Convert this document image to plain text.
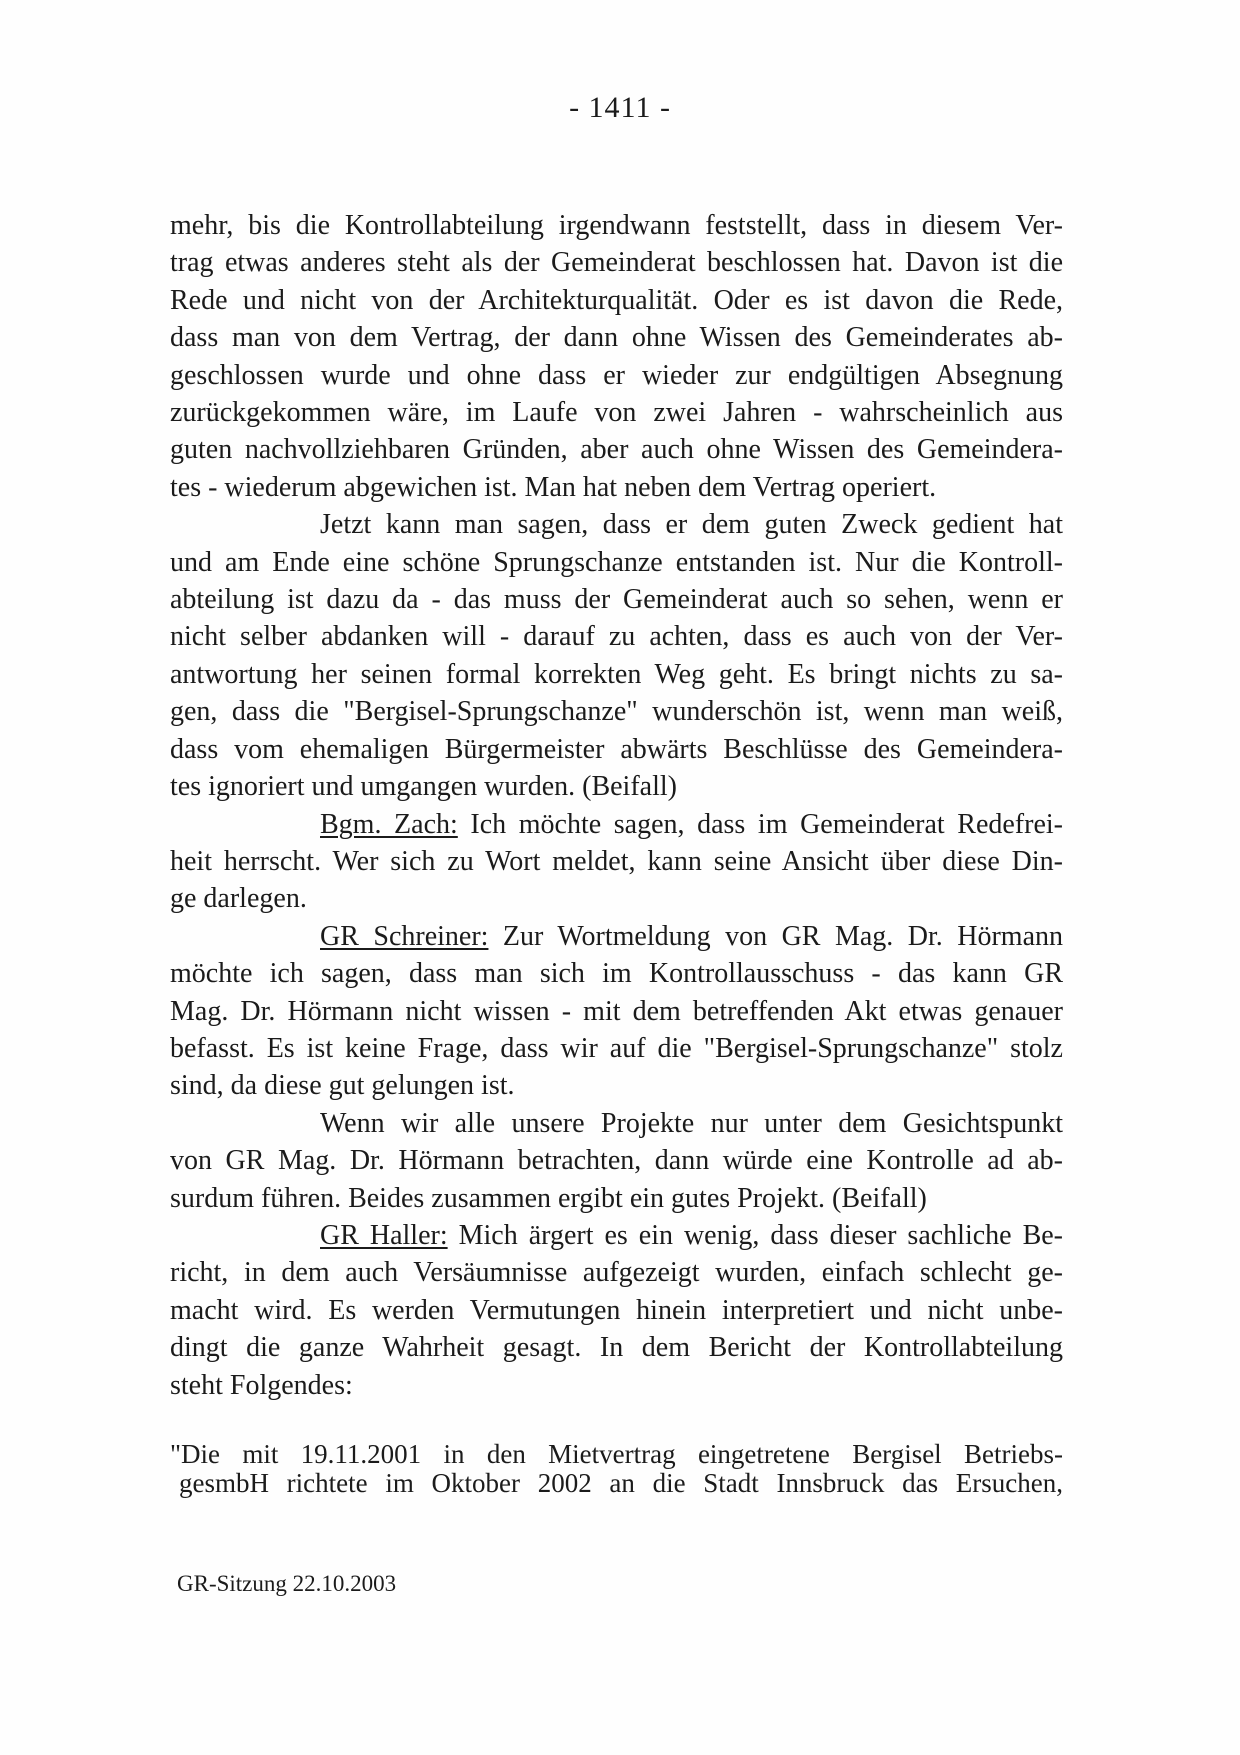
- 1411 -
mehr, bis die Kontrollabteilung irgendwann feststellt, dass in diesem Ver-
trag etwas anderes steht als der Gemeinderat beschlossen hat. Davon ist die
Rede und nicht von der Architekturqualität. Oder es ist davon die Rede,
dass man von dem Vertrag, der dann ohne Wissen des Gemeinderates ab-
geschlossen wurde und ohne dass er wieder zur endgültigen Absegnung
zurückgekommen wäre, im Laufe von zwei Jahren - wahrscheinlich aus
guten nachvollziehbaren Gründen, aber auch ohne Wissen des Gemeindera-
tes - wiederum abgewichen ist. Man hat neben dem Vertrag operiert.
Jetzt kann man sagen, dass er dem guten Zweck gedient hat
und am Ende eine schöne Sprungschanze entstanden ist. Nur die Kontroll-
abteilung ist dazu da - das muss der Gemeinderat auch so sehen, wenn er
nicht selber abdanken will - darauf zu achten, dass es auch von der Ver-
antwortung her seinen formal korrekten Weg geht. Es bringt nichts zu sa-
gen, dass die "Bergisel-Sprungschanze" wunderschön ist, wenn man weiß,
dass vom ehemaligen Bürgermeister abwärts Beschlüsse des Gemeindera-
tes ignoriert und umgangen wurden. (Beifall)
Bgm. Zach: Ich möchte sagen, dass im Gemeinderat Redefrei-
heit herrscht. Wer sich zu Wort meldet, kann seine Ansicht über diese Din-
ge darlegen.
GR Schreiner: Zur Wortmeldung von GR Mag. Dr. Hörmann
möchte ich sagen, dass man sich im Kontrollausschuss - das kann GR
Mag. Dr. Hörmann nicht wissen - mit dem betreffenden Akt etwas genauer
befasst. Es ist keine Frage, dass wir auf die "Bergisel-Sprungschanze" stolz
sind, da diese gut gelungen ist.
Wenn wir alle unsere Projekte nur unter dem Gesichtspunkt
von GR Mag. Dr. Hörmann betrachten, dann würde eine Kontrolle ad ab-
surdum führen. Beides zusammen ergibt ein gutes Projekt. (Beifall)
GR Haller: Mich ärgert es ein wenig, dass dieser sachliche Be-
richt, in dem auch Versäumnisse aufgezeigt wurden, einfach schlecht ge-
macht wird. Es werden Vermutungen hinein interpretiert und nicht unbe-
dingt die ganze Wahrheit gesagt. In dem Bericht der Kontrollabteilung
steht Folgendes:
"Die mit 19.11.2001 in den Mietvertrag eingetretene Bergisel Betriebs-
gesmbH richtete im Oktober 2002 an die Stadt Innsbruck das Ersuchen,
GR-Sitzung 22.10.2003
